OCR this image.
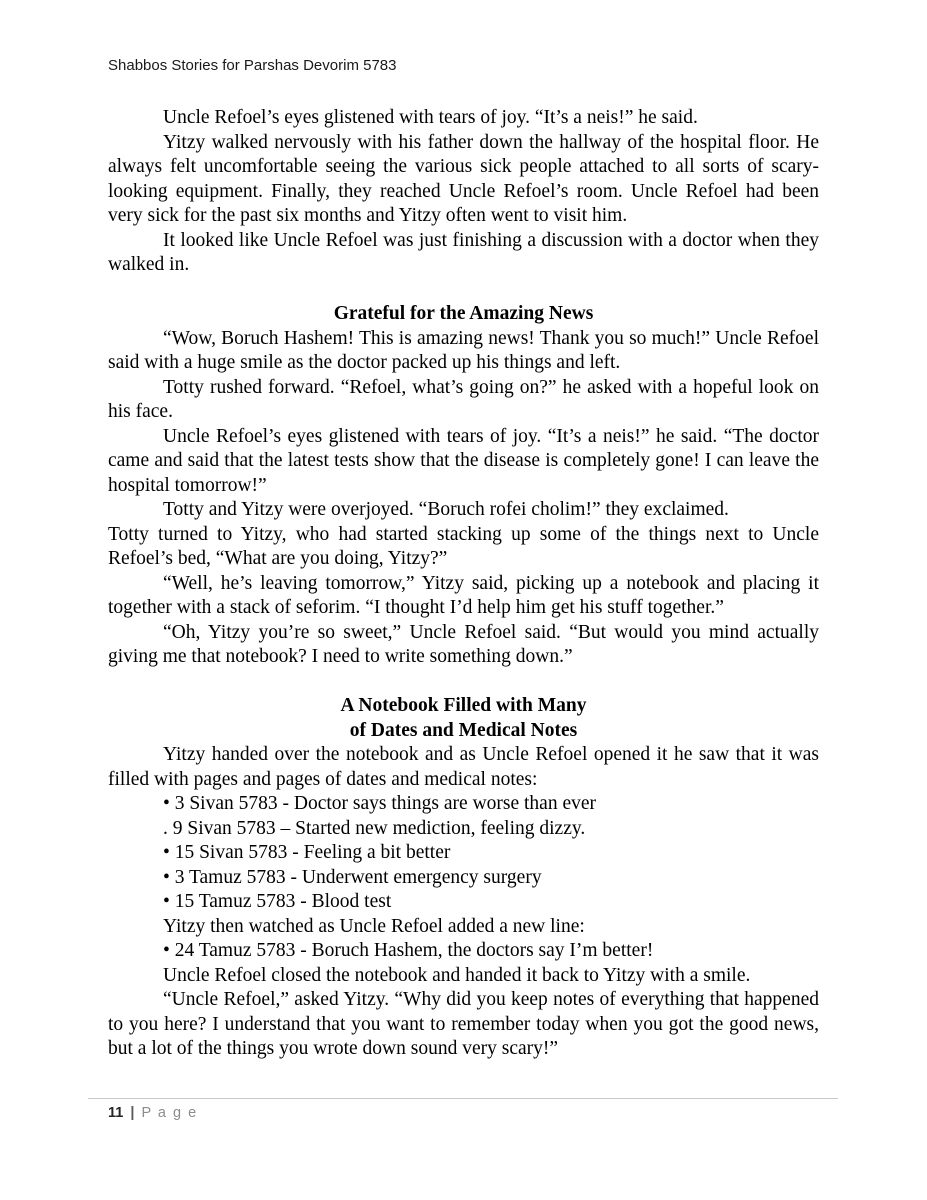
Shabbos Stories for Parshas Devorim 5783
Uncle Refoel’s eyes glistened with tears of joy. “It’s a neis!” he said.
Yitzy walked nervously with his father down the hallway of the hospital floor. He always felt uncomfortable seeing the various sick people attached to all sorts of scary-looking equipment. Finally, they reached Uncle Refoel’s room. Uncle Refoel had been very sick for the past six months and Yitzy often went to visit him.
It looked like Uncle Refoel was just finishing a discussion with a doctor when they walked in.
Grateful for the Amazing News
“Wow, Boruch Hashem! This is amazing news! Thank you so much!” Uncle Refoel said with a huge smile as the doctor packed up his things and left.
Totty rushed forward. “Refoel, what’s going on?” he asked with a hopeful look on his face.
Uncle Refoel’s eyes glistened with tears of joy. “It’s a neis!” he said. “The doctor came and said that the latest tests show that the disease is completely gone! I can leave the hospital tomorrow!”
Totty and Yitzy were overjoyed. “Boruch rofei cholim!” they exclaimed.
Totty turned to Yitzy, who had started stacking up some of the things next to Uncle Refoel’s bed, “What are you doing, Yitzy?”
“Well, he’s leaving tomorrow,” Yitzy said, picking up a notebook and placing it together with a stack of seforim. “I thought I’d help him get his stuff together.”
“Oh, Yitzy you’re so sweet,” Uncle Refoel said. “But would you mind actually giving me that notebook? I need to write something down.”
A Notebook Filled with Many
of Dates and Medical Notes
Yitzy handed over the notebook and as Uncle Refoel opened it he saw that it was filled with pages and pages of dates and medical notes:
• 3 Sivan 5783 - Doctor says things are worse than ever
. 9 Sivan 5783 – Started new mediction, feeling dizzy.
• 15 Sivan 5783 - Feeling a bit better
• 3 Tamuz 5783 - Underwent emergency surgery
• 15 Tamuz 5783 - Blood test
Yitzy then watched as Uncle Refoel added a new line:
• 24 Tamuz 5783 - Boruch Hashem, the doctors say I’m better!
Uncle Refoel closed the notebook and handed it back to Yitzy with a smile.
“Uncle Refoel,” asked Yitzy. “Why did you keep notes of everything that happened to you here? I understand that you want to remember today when you got the good news, but a lot of the things you wrote down sound very scary!”
11 | P a g e
